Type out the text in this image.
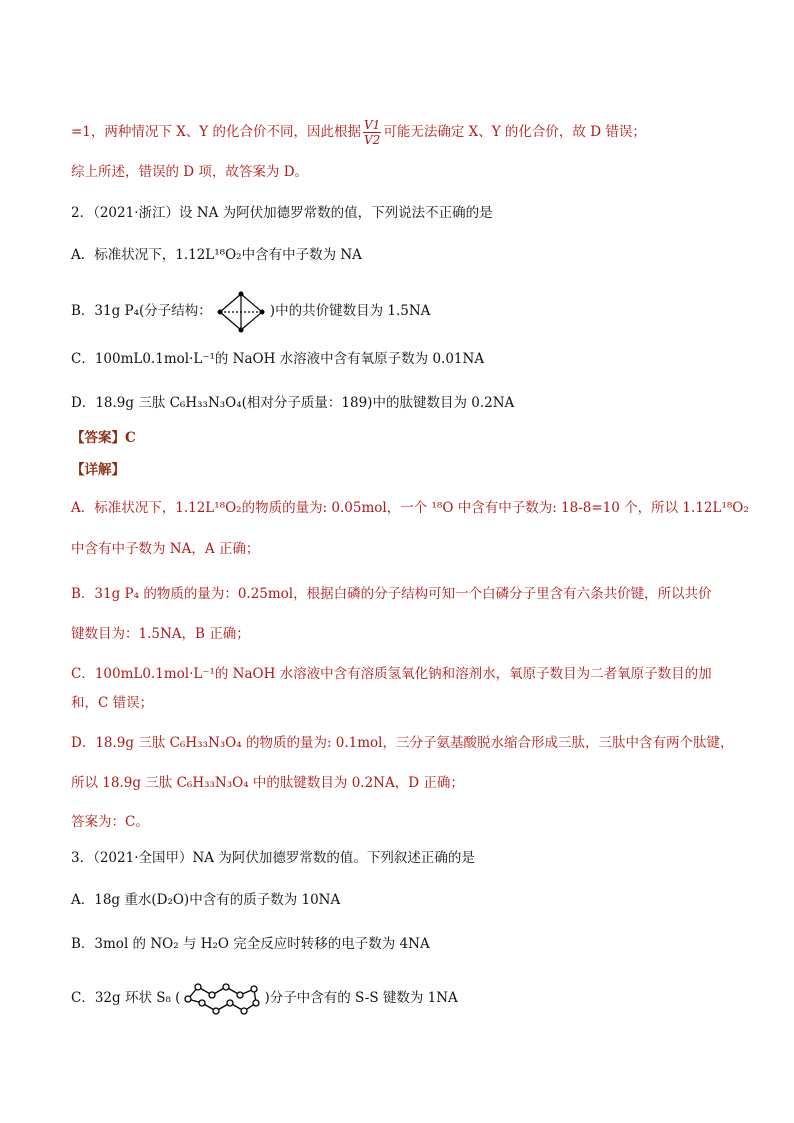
=1，两种情况下 X、Y 的化合价不同，因此根据 $\frac{V1}{V2}$ 可能无法确定 X、Y 的化合价，故 D 错误；
综上所述，错误的 D 项，故答案为 D。
2．（2021·浙江）设 NA 为阿伏加德罗常数的值，下列说法不正确的是
A．标准状况下，1.12L¹⁸O₂中含有中子数为 NA
B．31g P₄(分子结构：	)中的共价键数目为 1.5NA
C．100mL0.1mol·L⁻¹的 NaOH 水溶液中含有氧原子数为 0.01NA
D．18.9g 三肽 C₆H₃₃N₃O₄(相对分子质量：189)中的肽键数目为 0.2NA
【答案】C
【详解】
A．标准状况下，1.12L¹⁸O₂的物质的量为: 0.05mol，一个 ¹⁸O 中含有中子数为: 18-8=10 个，所以 1.12L¹⁸O₂
中含有中子数为 NA，A 正确；
B．31g P₄ 的物质的量为：0.25mol，根据白磷的分子结构可知一个白磷分子里含有六条共价键，所以共价
键数目为：1.5NA，B 正确；
C．100mL0.1mol·L⁻¹的 NaOH 水溶液中含有溶质氢氧化钠和溶剂水，氧原子数目为二者氧原子数目的加
和，C 错误；
D．18.9g 三肽 C₆H₃₃N₃O₄ 的物质的量为: 0.1mol，三分子氨基酸脱水缩合形成三肽，三肽中含有两个肽键，
所以 18.9g 三肽 C₆H₃₃N₃O₄ 中的肽键数目为 0.2NA，D 正确；
答案为：C。
3．（2021·全国甲）NA 为阿伏加德罗常数的值。下列叙述正确的是
A．18g 重水(D₂O)中含有的质子数为 10NA
B．3mol 的 NO₂ 与 H₂O 完全反应时转移的电子数为 4NA
C．32g 环状 S₈ (	)分子中含有的 S-S 键数为 1NA
